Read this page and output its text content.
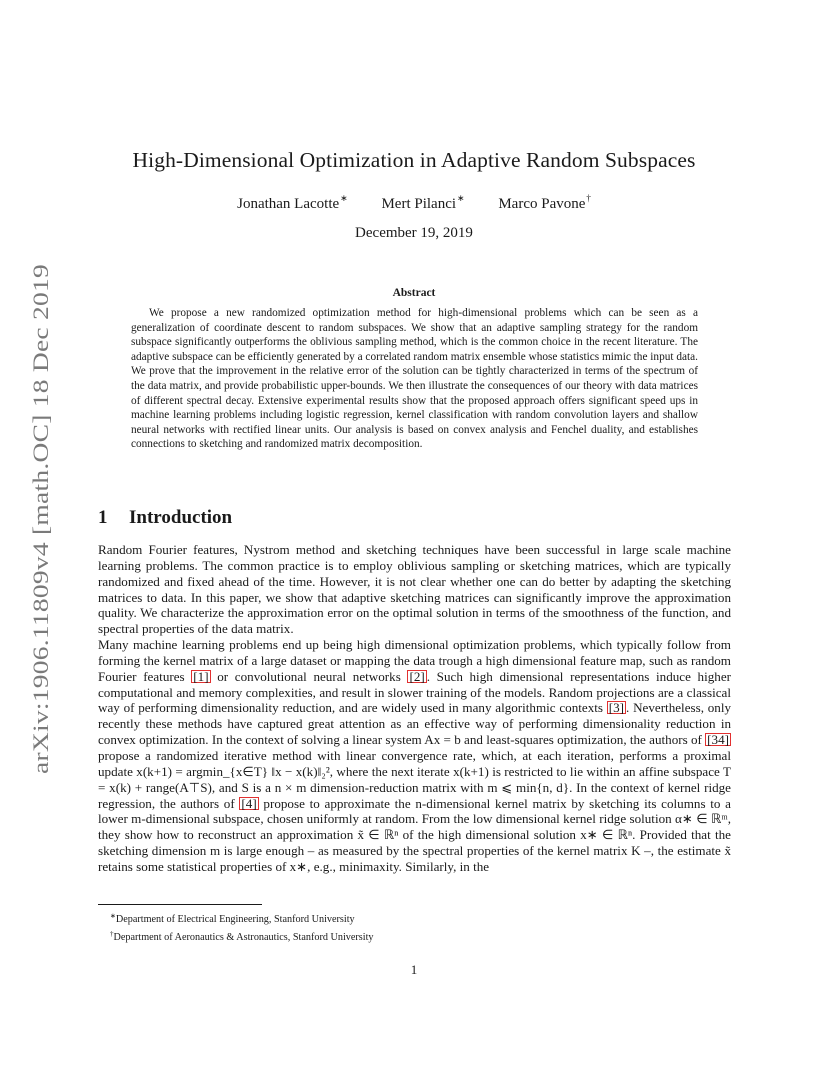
arXiv:1906.11809v4 [math.OC] 18 Dec 2019
High-Dimensional Optimization in Adaptive Random Subspaces
Jonathan Lacotte∗ Mert Pilanci∗ Marco Pavone†
December 19, 2019
Abstract

We propose a new randomized optimization method for high-dimensional problems which can be seen as a generalization of coordinate descent to random subspaces. We show that an adaptive sampling strategy for the random subspace significantly outperforms the oblivious sampling method, which is the common choice in the recent literature. The adaptive subspace can be efficiently generated by a correlated random matrix ensemble whose statistics mimic the input data. We prove that the improvement in the relative error of the solution can be tightly characterized in terms of the spectrum of the data matrix, and provide probabilistic upper-bounds. We then illustrate the consequences of our theory with data matrices of different spectral decay. Extensive experimental results show that the proposed approach offers significant speed ups in machine learning problems including logistic regression, kernel classification with random convolution layers and shallow neural networks with rectified linear units. Our analysis is based on convex analysis and Fenchel duality, and establishes connections to sketching and randomized matrix decomposition.

1 Introduction

Random Fourier features, Nystrom method and sketching techniques have been successful in large scale machine learning problems. The common practice is to employ oblivious sampling or sketching matrices, which are typically randomized and fixed ahead of the time. However, it is not clear whether one can do better by adapting the sketching matrices to data. In this paper, we show that adaptive sketching matrices can significantly improve the approximation quality. We characterize the approximation error on the optimal solution in terms of the smoothness of the function, and spectral properties of the data matrix.

Many machine learning problems end up being high dimensional optimization problems, which typically follow from forming the kernel matrix of a large dataset or mapping the data trough a high dimensional feature map, such as random Fourier features [1] or convolutional neural networks [2] . Such high dimensional representations induce higher computational and memory complexities, and result in slower training of the models. Random projections are a classical way of performing dimensionality reduction, and are widely used in many algorithmic contexts [3] . Nevertheless, only recently these methods have captured great attention as an effective way of performing dimensionality reduction in convex optimization. In the context of solving a linear system Ax = b and least-squares optimization, the authors of [34] propose a randomized iterative method with linear convergence rate, which, at each iteration, performs a proximal update x(k+1) = argmin_{x∈T} ‖x − x(k)‖₂², where the next iterate x(k+1) is restricted to lie within an affine subspace T = x(k) + range(A⊤S), and S is a n × m dimension-reduction matrix with m ⩽ min{n, d}. In the context of kernel ridge regression, the authors of [4] propose to approximate the n-dimensional kernel matrix by sketching its columns to a lower m-dimensional subspace, chosen uniformly at random. From the low dimensional kernel ridge solution α∗ ∈ ℝᵐ, they show how to reconstruct an approximation x̃ ∈ ℝⁿ of the high dimensional solution x∗ ∈ ℝⁿ. Provided that the sketching dimension m is large enough – as measured by the spectral properties of the kernel matrix K –, the estimate x̃ retains some statistical properties of x∗, e.g., minimaxity. Similarly, in the

∗Department of Electrical Engineering, Stanford University
†Department of Aeronautics & Astronautics, Stanford University
1
